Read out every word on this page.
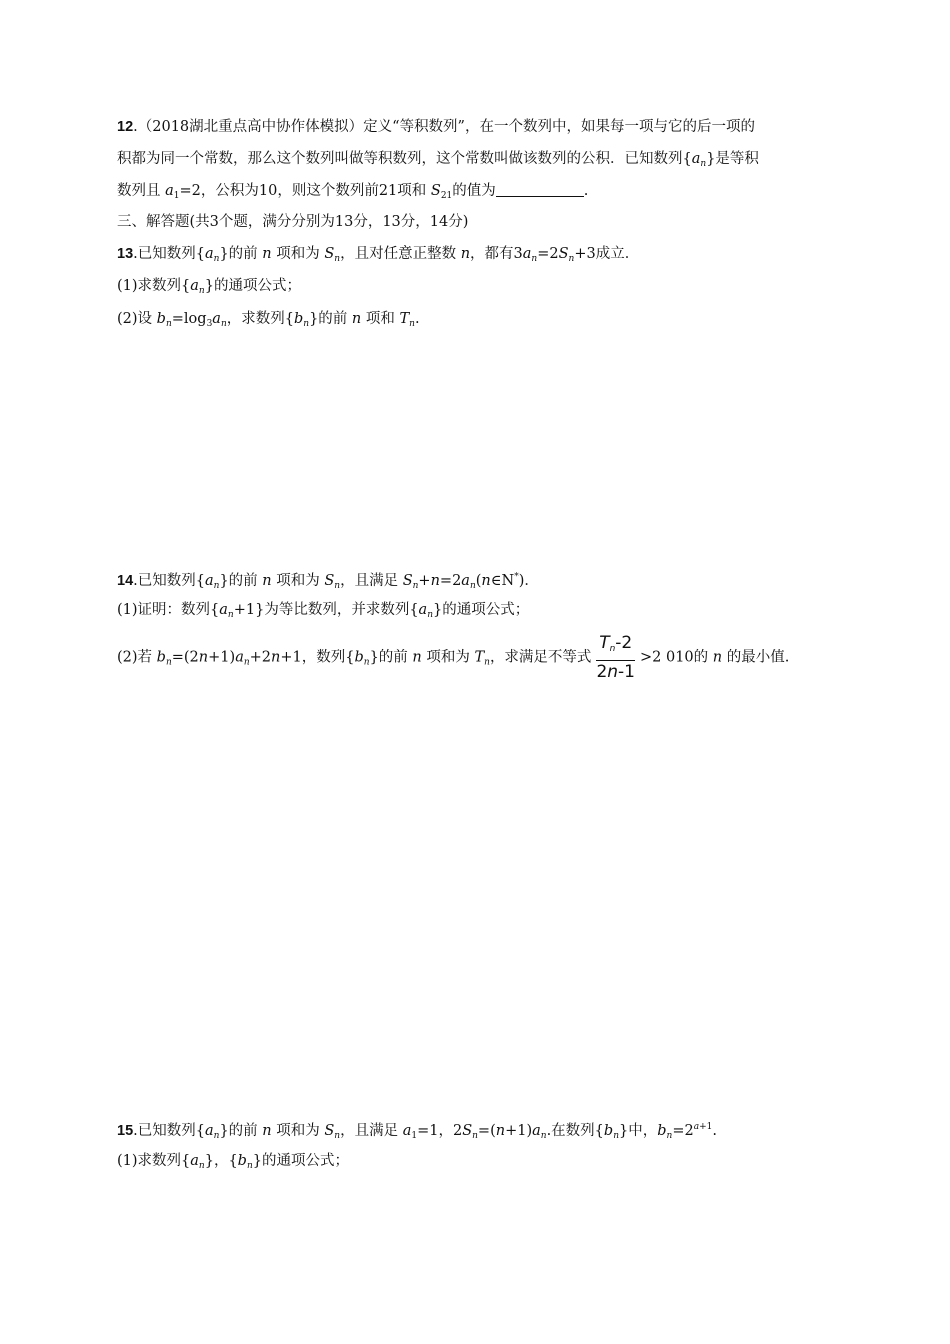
12.（2018湖北重点高中协作体模拟）定义“等积数列”，在一个数列中，如果每一项与它的后一项的
积都为同一个常数，那么这个数列叫做等积数列，这个常数叫做该数列的公积．已知数列$\{a_n\}$是等积
数列且 $a_1=2$，公积为10，则这个数列前21项和 $S_{21}$的值为	.
三、解答题(共3个题，满分分别为13分，13分，14分)
13.已知数列$\{a_n\}$的前 n 项和为 $S_n$，且对任意正整数 n，都有$3a_n=2S_n+3$成立．
(1)求数列$\{a_n\}$的通项公式；
(2)设 $b_n=\log_3a_n$，求数列$\{b_n\}$的前 n 项和 $T_n$.
14.已知数列$\{a_n\}$的前 n 项和为 $S_n$，且满足 $S_n+n=2a_n(n\in N^*)$．
(1)证明：数列$\{a_n+1\}$为等比数列，并求数列$\{a_n\}$的通项公式；
(2)若 $b_n=(2n+1)a_n+2n+1$，数列$\{b_n\}$的前 n 项和为 $T_n$，求满足不等式 $\frac{T_n-2}{2n-1} >2$ 010的 n 的最小值.
15.已知数列$\{a_n\}$的前 n 项和为 $S_n$，且满足 $a_1=1$，$2S_n=(n+1)a_n$.在数列$\{b_n\}$中，$b_n=2^{a+1}$.
(1)求数列$\{a_n\}$，$\{b_n\}$的通项公式；
